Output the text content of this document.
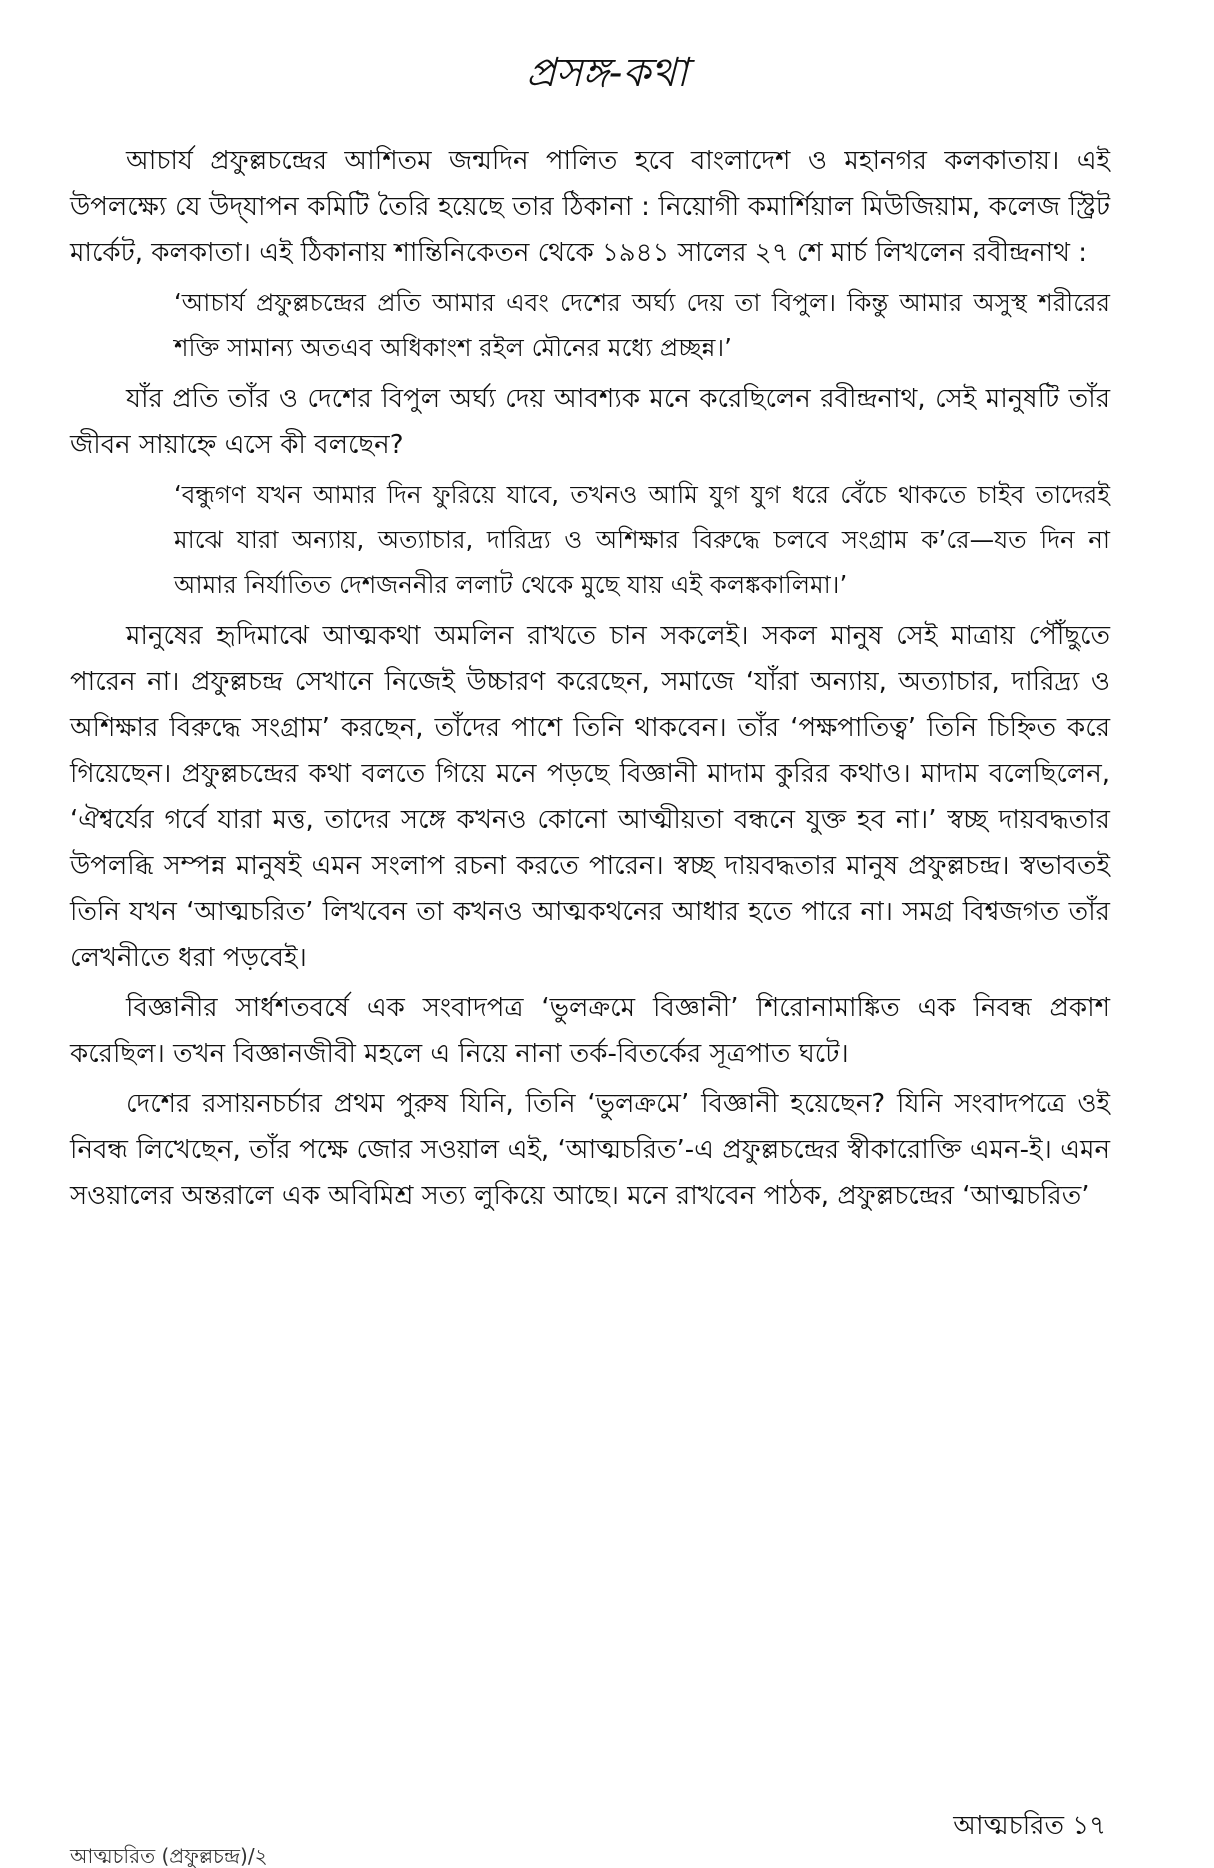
প্রসঙ্গ-কথা

আচার্য প্রফুল্লচন্দ্রের আশিতম জন্মদিন পালিত হবে বাংলাদেশ ও মহানগর কলকাতায়। এই উপলক্ষ্যে যে উদ্‌যাপন কমিটি তৈরি হয়েছে তার ঠিকানা : নিয়োগী কমার্শিয়াল মিউজিয়াম, কলেজ স্ট্রিট মার্কেট, কলকাতা। এই ঠিকানায় শান্তিনিকেতন থেকে ১৯৪১ সালের ২৭ শে মার্চ লিখলেন রবীন্দ্রনাথ :

‘আচার্য প্রফুল্লচন্দ্রের প্রতি আমার এবং দেশের অর্ঘ্য দেয় তা বিপুল। কিন্তু আমার অসুস্থ শরীরের শক্তি সামান্য অতএব অধিকাংশ রইল মৌনের মধ্যে প্রচ্ছন্ন।’

যাঁর প্রতি তাঁর ও দেশের বিপুল অর্ঘ্য দেয় আবশ্যক মনে করেছিলেন রবীন্দ্রনাথ, সেই মানুষটি তাঁর জীবন সায়াহ্নে এসে কী বলছেন?

‘বন্ধুগণ যখন আমার দিন ফুরিয়ে যাবে, তখনও আমি যুগ যুগ ধরে বেঁচে থাকতে চাইব তাদেরই মাঝে যারা অন্যায়, অত্যাচার, দারিদ্র্য ও অশিক্ষার বিরুদ্ধে চলবে সংগ্রাম ক’রে—যত দিন না আমার নির্যাতিত দেশজননীর ললাট থেকে মুছে যায় এই কলঙ্ককালিমা।’

মানুষের হৃদিমাঝে আত্মকথা অমলিন রাখতে চান সকলেই। সকল মানুষ সেই মাত্রায় পৌঁছুতে পারেন না। প্রফুল্লচন্দ্র সেখানে নিজেই উচ্চারণ করেছেন, সমাজে ‘যাঁরা অন্যায়, অত্যাচার, দারিদ্র্য ও অশিক্ষার বিরুদ্ধে সংগ্রাম’ করছেন, তাঁদের পাশে তিনি থাকবেন। তাঁর ‘পক্ষপাতিত্ব’ তিনি চিহ্নিত করে গিয়েছেন। প্রফুল্লচন্দ্রের কথা বলতে গিয়ে মনে পড়ছে বিজ্ঞানী মাদাম কুরির কথাও। মাদাম বলেছিলেন, ‘ঐশ্বর্যের গর্বে যারা মত্ত, তাদের সঙ্গে কখনও কোনো আত্মীয়তা বন্ধনে যুক্ত হব না।’ স্বচ্ছ দায়বদ্ধতার উপলব্ধি সম্পন্ন মানুষই এমন সংলাপ রচনা করতে পারেন। স্বচ্ছ দায়বদ্ধতার মানুষ প্রফুল্লচন্দ্র। স্বভাবতই তিনি যখন ‘আত্মচরিত’ লিখবেন তা কখনও আত্মকথনের আধার হতে পারে না। সমগ্র বিশ্বজগত তাঁর লেখনীতে ধরা পড়বেই।

বিজ্ঞানীর সার্ধশতবর্ষে এক সংবাদপত্র ‘ভুলক্রমে বিজ্ঞানী’ শিরোনামাঙ্কিত এক নিবন্ধ প্রকাশ করেছিল। তখন বিজ্ঞানজীবী মহলে এ নিয়ে নানা তর্ক-বিতর্কের সূত্রপাত ঘটে।

দেশের রসায়নচর্চার প্রথম পুরুষ যিনি, তিনি ‘ভুলক্রমে’ বিজ্ঞানী হয়েছেন? যিনি সংবাদপত্রে ওই নিবন্ধ লিখেছেন, তাঁর পক্ষে জোর সওয়াল এই, ‘আত্মচরিত’-এ প্রফুল্লচন্দ্রের স্বীকারোক্তি এমন-ই। এমন সওয়ালের অন্তরালে এক অবিমিশ্র সত্য লুকিয়ে আছে। মনে রাখবেন পাঠক, প্রফুল্লচন্দ্রের ‘আত্মচরিত’

আত্মচরিত ১৭
আত্মচরিত (প্রফুল্লচন্দ্র)/২
